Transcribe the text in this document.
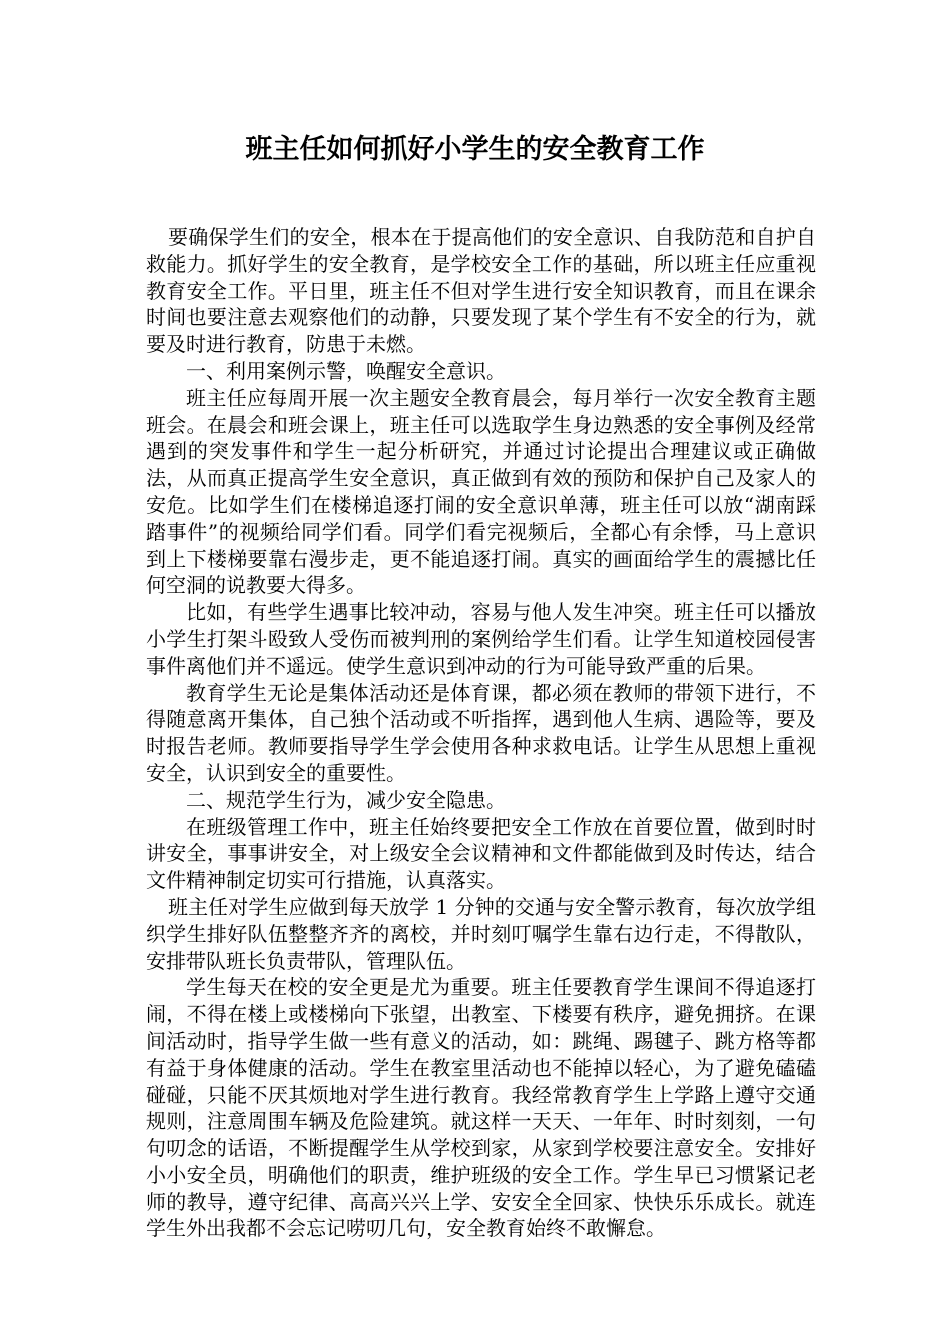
班主任如何抓好小学生的安全教育工作

要确保学生们的安全，根本在于提高他们的安全意识、自我防范和自护自救能力。抓好学生的安全教育，是学校安全工作的基础，所以班主任应重视教育安全工作。平日里，班主任不但对学生进行安全知识教育，而且在课余时间也要注意去观察他们的动静，只要发现了某个学生有不安全的行为，就要及时进行教育，防患于未燃。

一、利用案例示警，唤醒安全意识。

班主任应每周开展一次主题安全教育晨会，每月举行一次安全教育主题班会。在晨会和班会课上，班主任可以选取学生身边熟悉的安全事例及经常遇到的突发事件和学生一起分析研究，并通过讨论提出合理建议或正确做法，从而真正提高学生安全意识，真正做到有效的预防和保护自己及家人的安危。比如学生们在楼梯追逐打闹的安全意识单薄，班主任可以放“湖南踩踏事件”的视频给同学们看。同学们看完视频后，全都心有余悸，马上意识到上下楼梯要靠右漫步走，更不能追逐打闹。真实的画面给学生的震撼比任何空洞的说教要大得多。

比如，有些学生遇事比较冲动，容易与他人发生冲突。班主任可以播放小学生打架斗殴致人受伤而被判刑的案例给学生们看。让学生知道校园侵害事件离他们并不遥远。使学生意识到冲动的行为可能导致严重的后果。

教育学生无论是集体活动还是体育课，都必须在教师的带领下进行，不得随意离开集体，自己独个活动或不听指挥，遇到他人生病、遇险等，要及时报告老师。教师要指导学生学会使用各种求救电话。让学生从思想上重视安全，认识到安全的重要性。

二、规范学生行为，减少安全隐患。

在班级管理工作中，班主任始终要把安全工作放在首要位置，做到时时讲安全，事事讲安全，对上级安全会议精神和文件都能做到及时传达，结合文件精神制定切实可行措施，认真落实。

班主任对学生应做到每天放学 1 分钟的交通与安全警示教育，每次放学组织学生排好队伍整整齐齐的离校，并时刻叮嘱学生靠右边行走，不得散队，安排带队班长负责带队，管理队伍。

学生每天在校的安全更是尤为重要。班主任要教育学生课间不得追逐打闹，不得在楼上或楼梯向下张望，出教室、下楼要有秩序，避免拥挤。在课间活动时，指导学生做一些有意义的活动，如：跳绳、踢毽子、跳方格等都有益于身体健康的活动。学生在教室里活动也不能掉以轻心，为了避免磕磕碰碰，只能不厌其烦地对学生进行教育。我经常教育学生上学路上遵守交通规则，注意周围车辆及危险建筑。就这样一天天、一年年、时时刻刻，一句句叨念的话语，不断提醒学生从学校到家，从家到学校要注意安全。安排好小小安全员，明确他们的职责，维护班级的安全工作。学生早已习惯紧记老师的教导，遵守纪律、高高兴兴上学、安安全全回家、快快乐乐成长。就连学生外出我都不会忘记唠叨几句，安全教育始终不敢懈怠。
